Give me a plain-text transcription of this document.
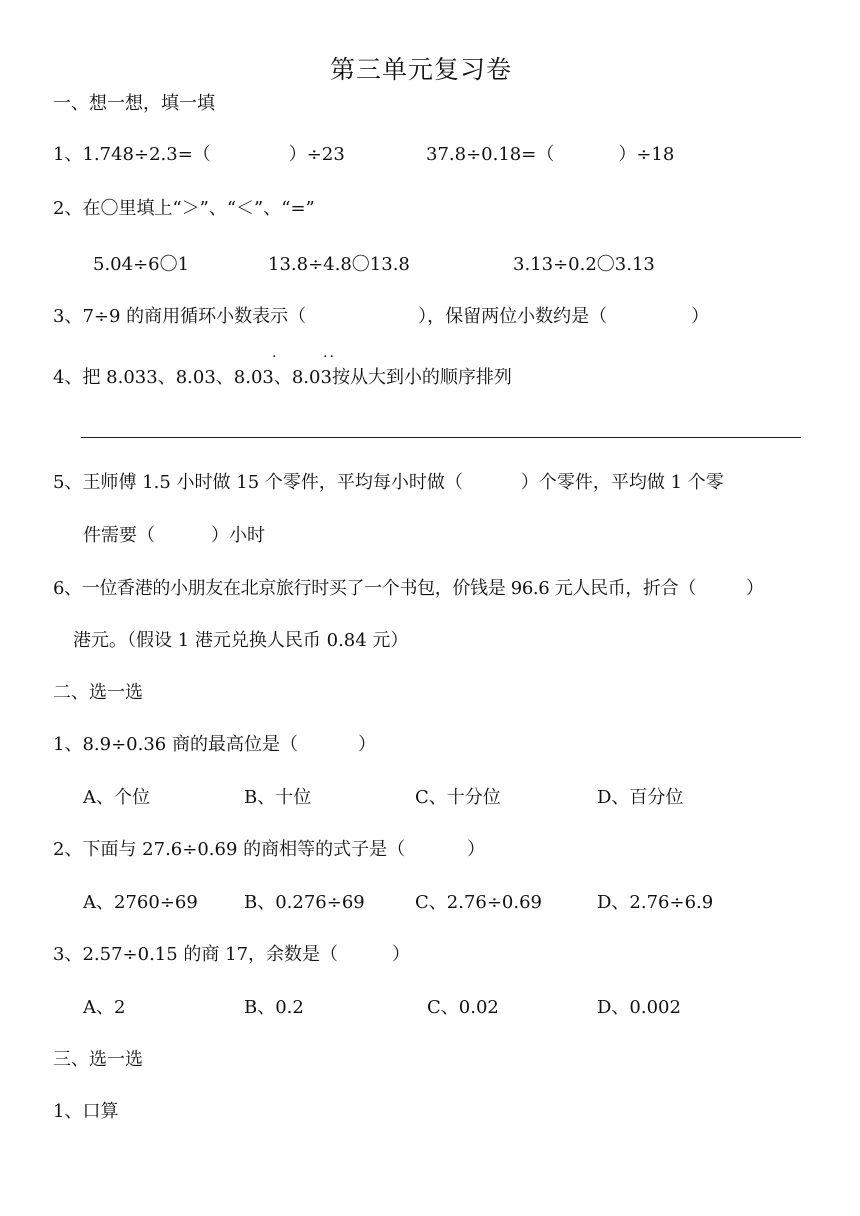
第三单元复习卷
一、想一想，填一填
1、1.748÷2.3=（	）÷23	37.8÷0.18=（	）÷18
2、在〇里填上“＞”、“＜”、“=”
5.04÷6〇1	13.8÷4.8〇13.8	3.13÷0.2〇3.13
3、7÷9 的商用循环小数表示（	），保留两位小数约是（	）
.	..
4、把 8.033、8.03、8.03、8.03按从大到小的顺序排列
5、王师傅 1.5 小时做 15 个零件，平均每小时做（	）个零件，平均做 1 个零
件需要（	）小时
6、一位香港的小朋友在北京旅行时买了一个书包，价钱是 96.6 元人民币，折合（	）
港元。（假设 1 港元兑换人民币 0.84 元）
二、选一选
1、8.9÷0.36 商的最高位是（	）
A、个位	B、十位	C、十分位	D、百分位
2、下面与 27.6÷0.69 的商相等的式子是（	）
A、2760÷69	B、0.276÷69	C、2.76÷0.69	D、2.76÷6.9
3、2.57÷0.15 的商 17，余数是（	）
A、2	B、0.2	C、0.02	D、0.002
三、选一选
1、口算
